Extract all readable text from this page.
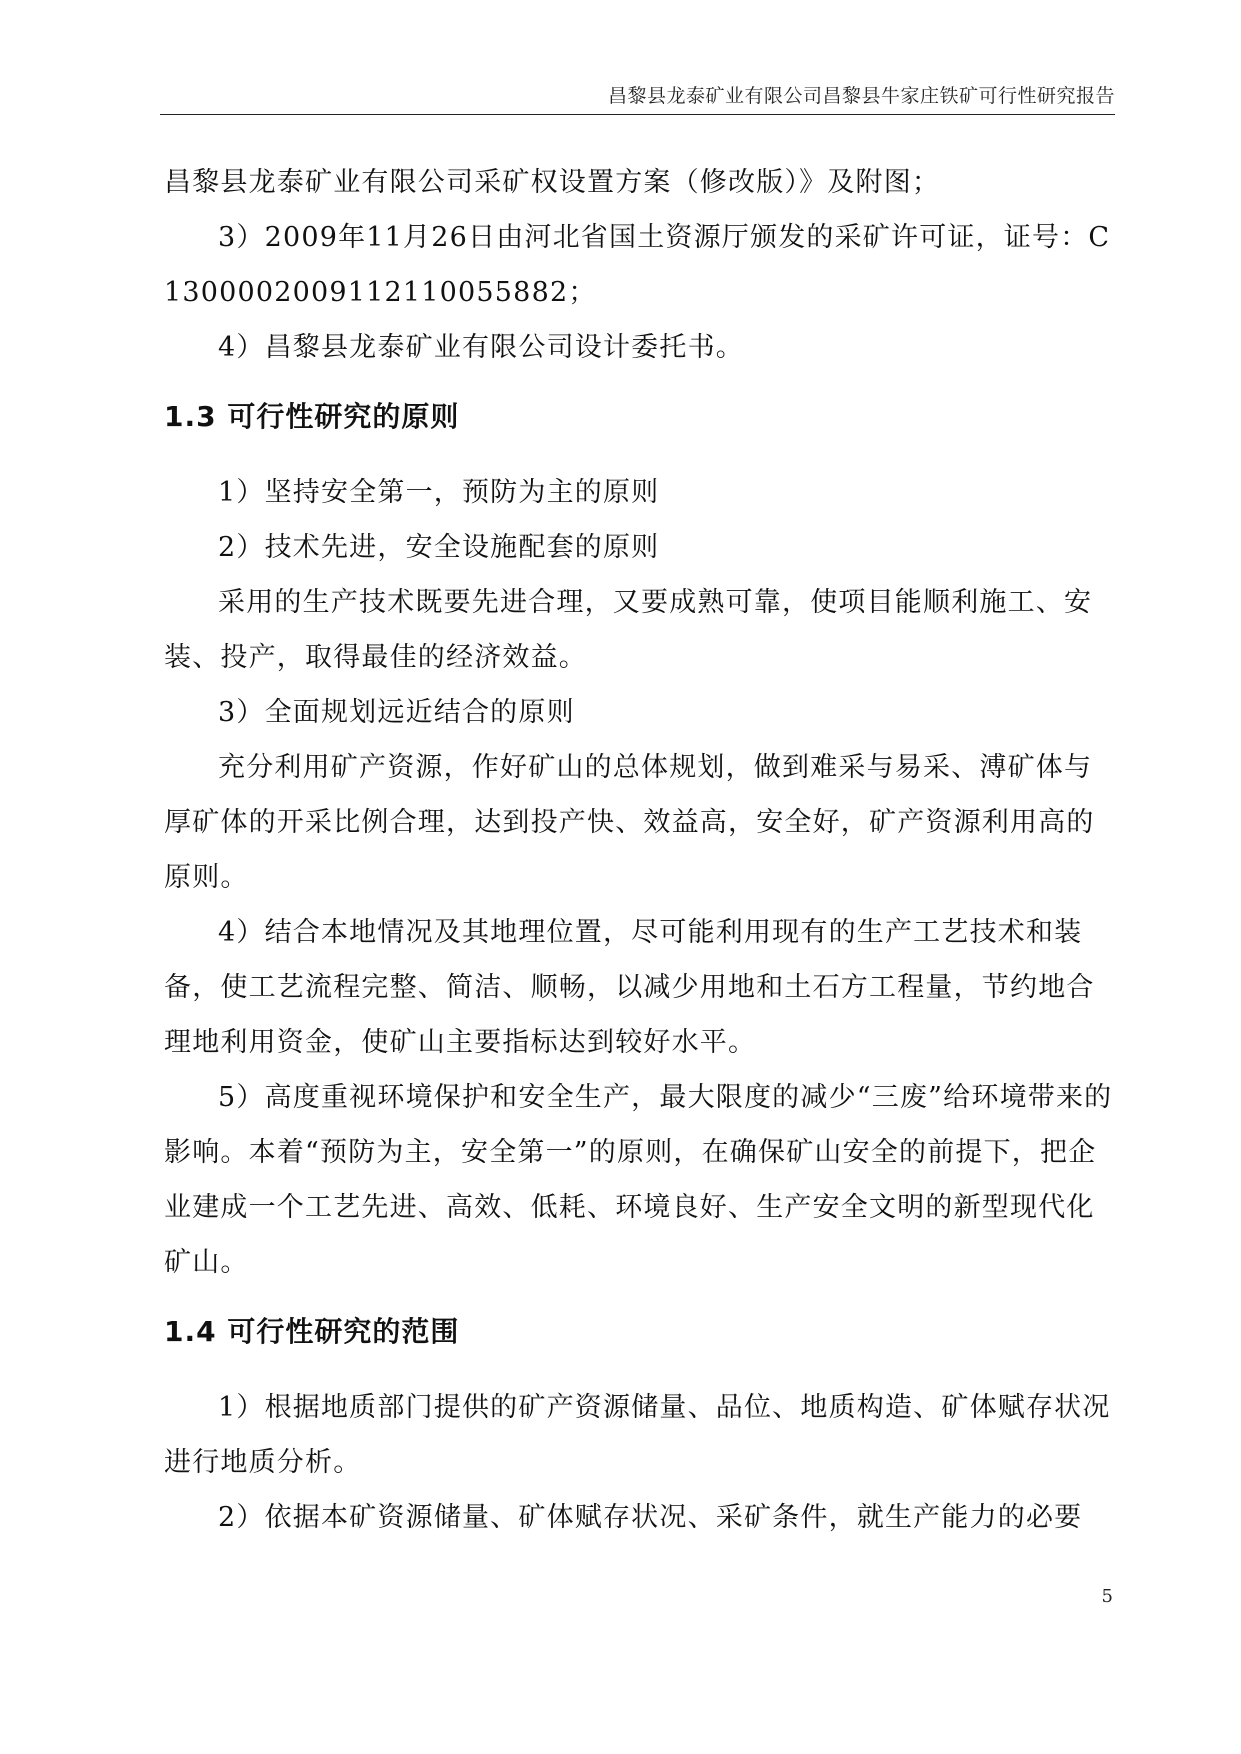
昌黎县龙泰矿业有限公司昌黎县牛家庄铁矿可行性研究报告

昌黎县龙泰矿业有限公司采矿权设置方案（修改版）》及附图；

3）2009年11月26日由河北省国土资源厅颁发的采矿许可证，证号：C1300002009112110055882；

4）昌黎县龙泰矿业有限公司设计委托书。

1.3 可行性研究的原则

1）坚持安全第一，预防为主的原则

2）技术先进，安全设施配套的原则

采用的生产技术既要先进合理，又要成熟可靠，使项目能顺利施工、安装、投产，取得最佳的经济效益。

3）全面规划远近结合的原则

充分利用矿产资源，作好矿山的总体规划，做到难采与易采、溥矿体与厚矿体的开采比例合理，达到投产快、效益高，安全好，矿产资源利用高的原则。

4）结合本地情况及其地理位置，尽可能利用现有的生产工艺技术和装备，使工艺流程完整、简洁、顺畅，以减少用地和土石方工程量，节约地合理地利用资金，使矿山主要指标达到较好水平。

5）高度重视环境保护和安全生产，最大限度的减少“三废”给环境带来的影响。本着“预防为主，安全第一”的原则，在确保矿山安全的前提下，把企业建成一个工艺先进、高效、低耗、环境良好、生产安全文明的新型现代化矿山。

1.4 可行性研究的范围

1）根据地质部门提供的矿产资源储量、品位、地质构造、矿体赋存状况进行地质分析。

2）依据本矿资源储量、矿体赋存状况、采矿条件，就生产能力的必要

5
